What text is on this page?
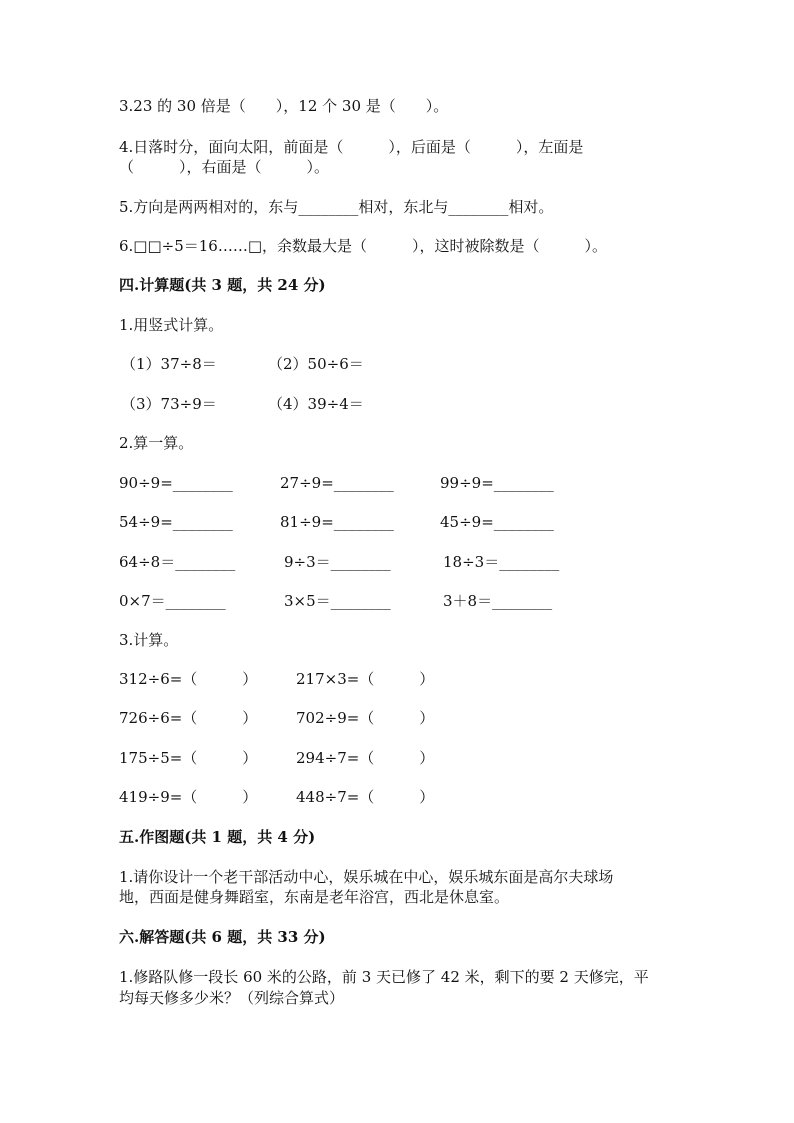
3.23 的 30 倍是（　　），12 个 30 是（　　）。
4.日落时分，面向太阳，前面是（　　　），后面是（　　　），左面是
（　　　），右面是（　　　）。
5.方向是两两相对的，东与________相对，东北与________相对。
6.□□÷5＝16……□，余数最大是（　　　），这时被除数是（　　　）。
四.计算题(共 3 题，共 24 分)
1.用竖式计算。
（1）37÷8＝	（2）50÷6＝
（3）73÷9＝	（4）39÷4＝
2.算一算。
90÷9=________	27÷9=________	99÷9=________
54÷9=________	81÷9=________	45÷9=________
64÷8＝________	9÷3＝________	18÷3＝________
0×7＝________	3×5＝________	3＋8＝________
3.计算。
312÷6=（　　　）	217×3=（　　　）
726÷6=（　　　）	702÷9=（　　　）
175÷5=（　　　）	294÷7=（　　　）
419÷9=（　　　）	448÷7=（　　　）
五.作图题(共 1 题，共 4 分)
1.请你设计一个老干部活动中心，娱乐城在中心，娱乐城东面是高尔夫球场
地，西面是健身舞蹈室，东南是老年浴宫，西北是休息室。
六.解答题(共 6 题，共 33 分)
1.修路队修一段长 60 米的公路，前 3 天已修了 42 米，剩下的要 2 天修完，平
均每天修多少米？（列综合算式）
